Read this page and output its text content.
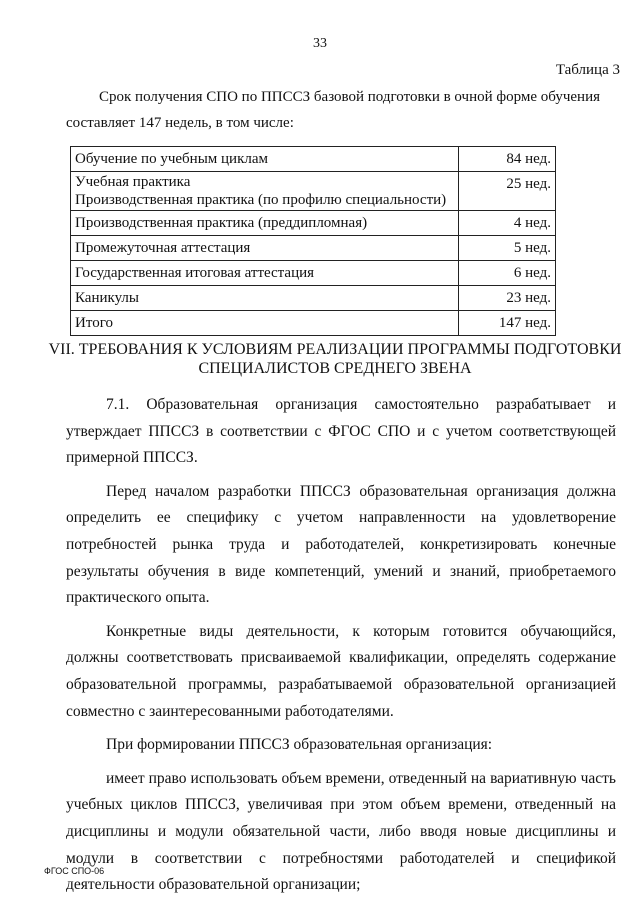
33
Таблица 3

Срок получения СПО по ППССЗ базовой подготовки в очной форме обучения

составляет 147 недель, в том числе:

Обучение по учебным циклам	84 нед.

Учебная практика
Производственная практика (по профилю специальности)	25 нед.
Производственная практика (преддипломная)	4 нед.
Промежуточная аттестация	5 нед.
Государственная итоговая аттестация	6 нед.
Каникулы	23 нед.
Итого	147 нед.
VII. ТРЕБОВАНИЯ К УСЛОВИЯМ РЕАЛИЗАЦИИ ПРОГРАММЫ ПОДГОТОВКИ
СПЕЦИАЛИСТОВ СРЕДНЕГО ЗВЕНА

7.1. Образовательная организация самостоятельно разрабатывает и утверждает ППССЗ в соответствии с ФГОС СПО и с учетом соответствующей примерной ППССЗ.

Перед началом разработки ППССЗ образовательная организация должна определить ее специфику с учетом направленности на удовлетворение потребностей рынка труда и работодателей, конкретизировать конечные результаты обучения в виде компетенций, умений и знаний, приобретаемого практического опыта.

Конкретные виды деятельности, к которым готовится обучающийся, должны соответствовать присваиваемой квалификации, определять содержание образовательной программы, разрабатываемой образовательной организацией совместно с заинтересованными работодателями.

При формировании ППССЗ образовательная организация:

имеет право использовать объем времени, отведенный на вариативную часть учебных циклов ППССЗ, увеличивая при этом объем времени, отведенный на дисциплины и модули обязательной части, либо вводя новые дисциплины и модули в соответствии с потребностями работодателей и спецификой деятельности образовательной организации;

ФГОС СПО-06
